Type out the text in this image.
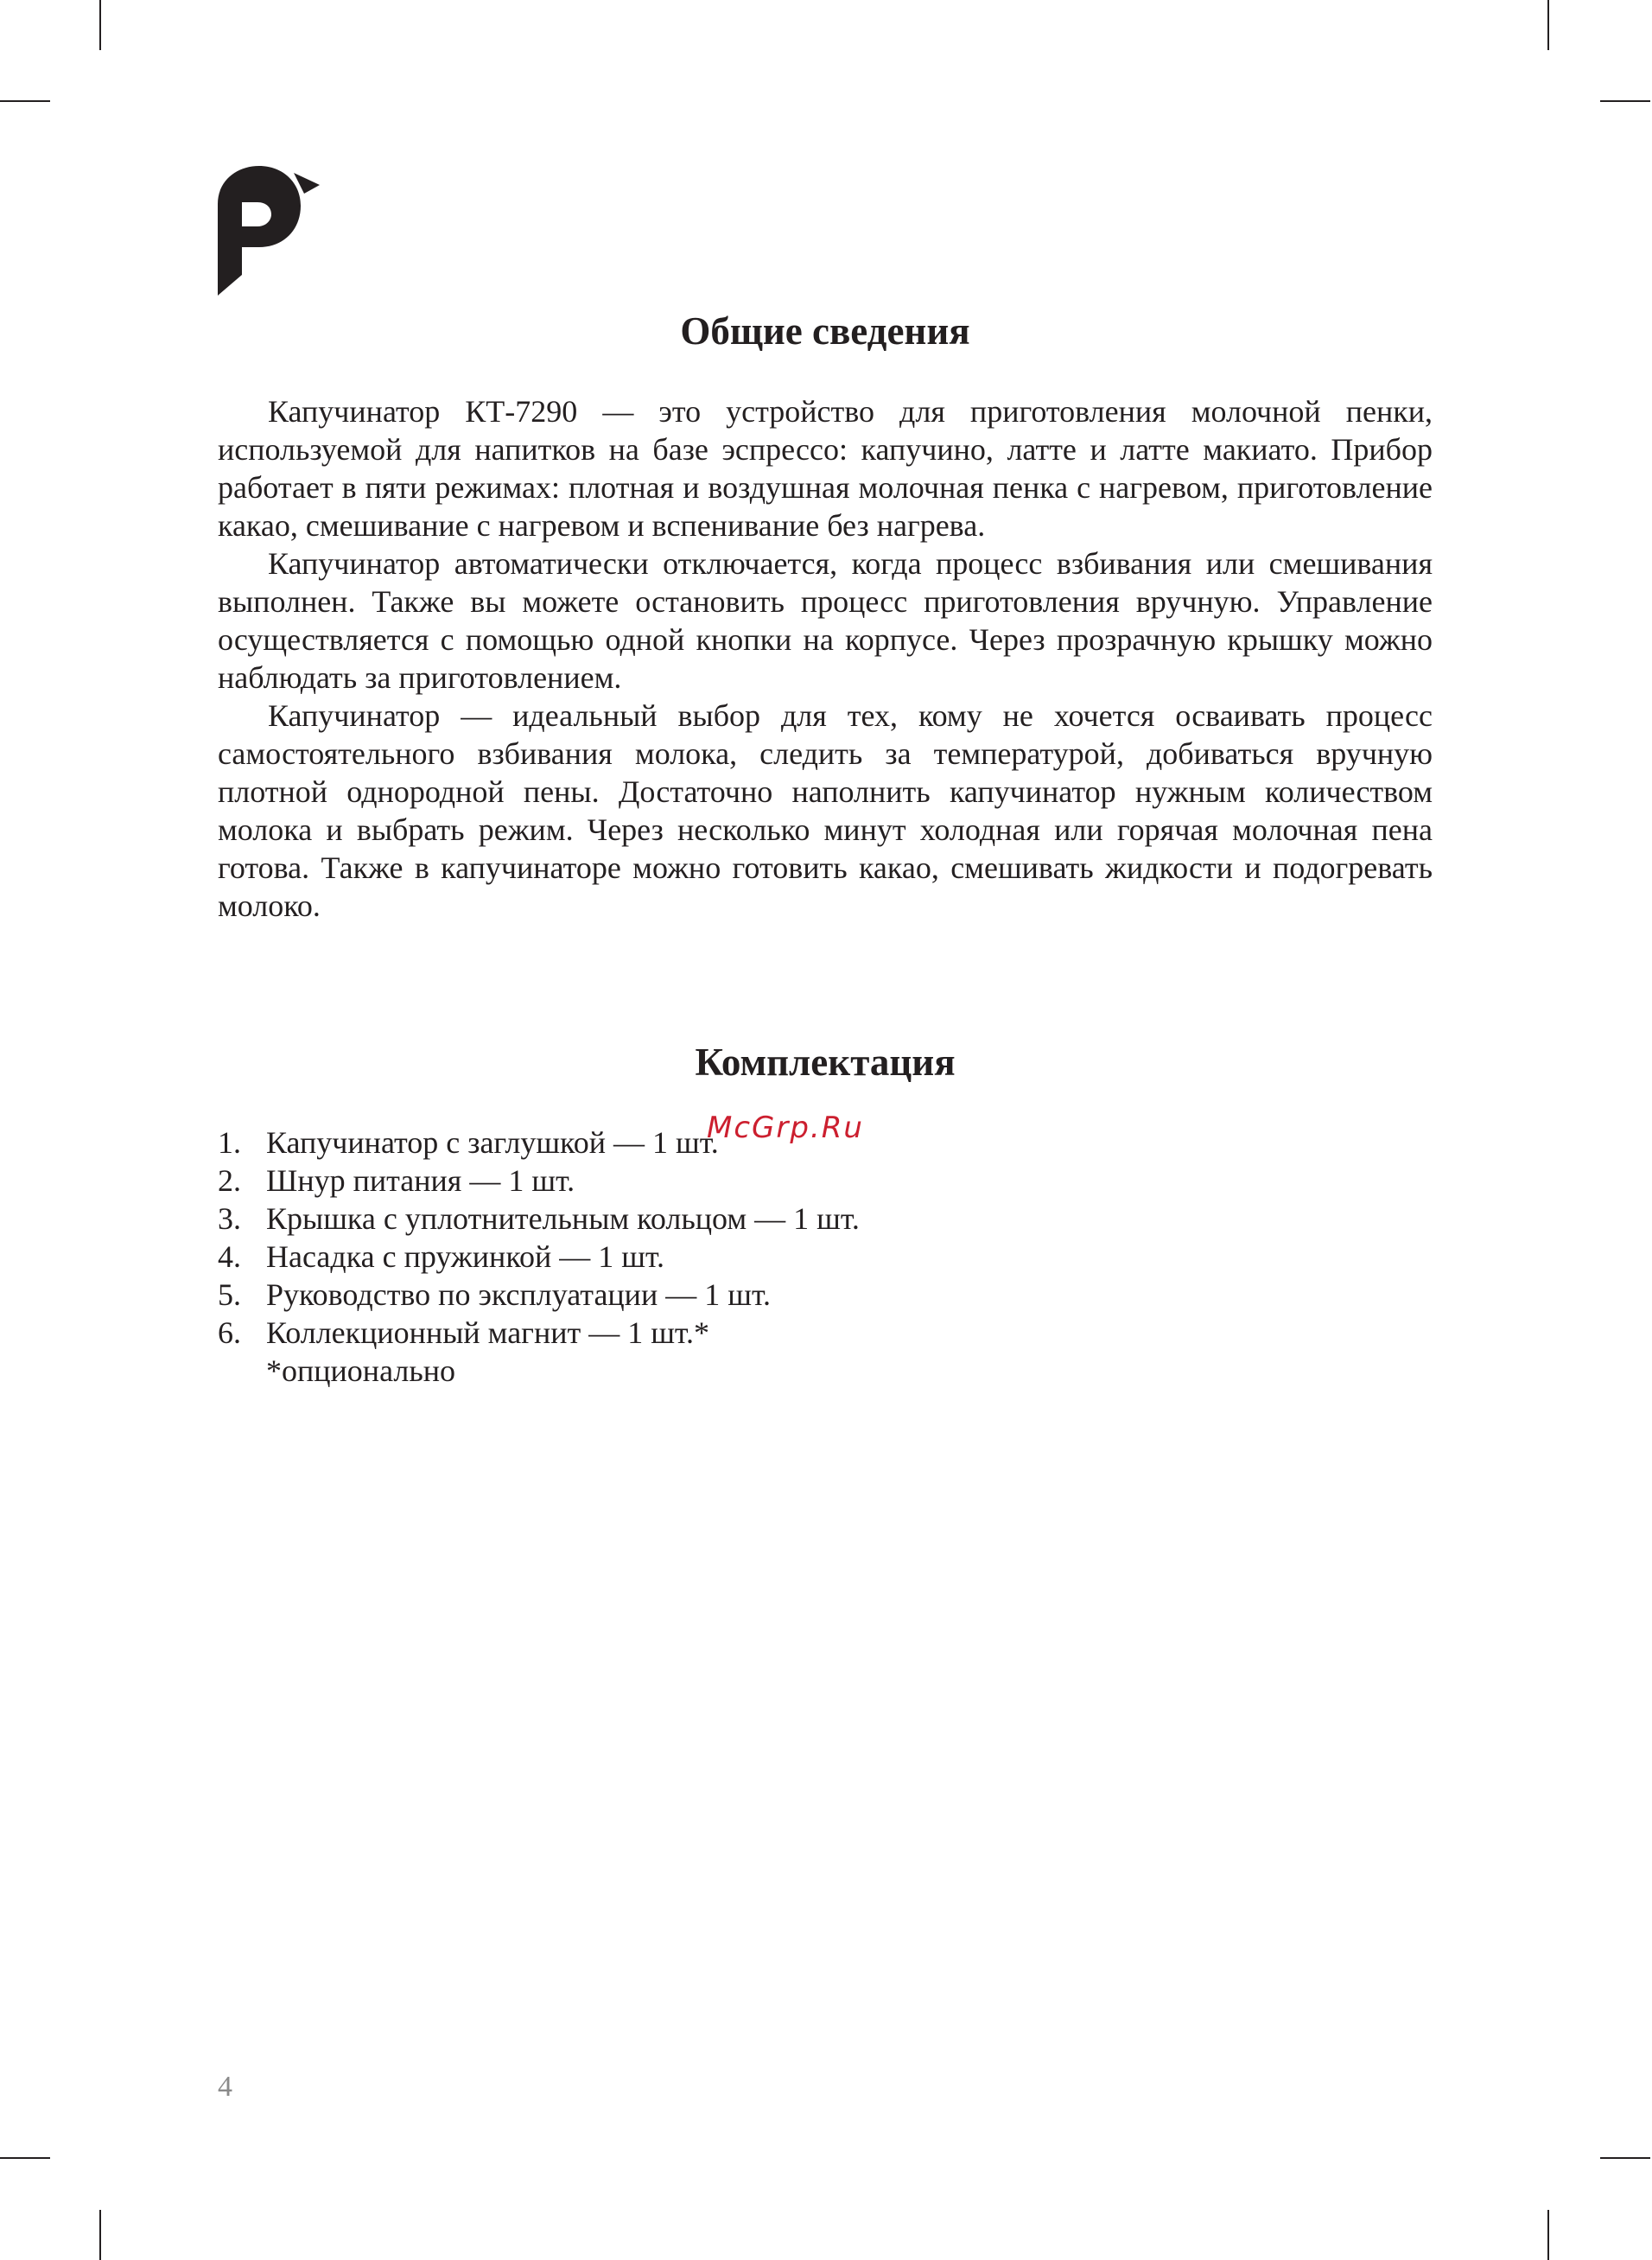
Общие сведения

Капучинатор КТ-7290 — это устройство для приготовления молочной пенки, используемой для напитков на базе эспрессо: капучино, латте и латте макиато. Прибор работает в пяти режимах: плотная и воздушная молочная пенка с нагревом, приготовление какао, смешивание с нагревом и вспенивание без нагрева.

Капучинатор автоматически отключается, когда процесс взбивания или смешивания выполнен. Также вы можете остановить процесс приготовления вручную. Управление осуществляется с помощью одной кнопки на корпусе. Через прозрачную крышку можно наблюдать за приготовлением.

Капучинатор — идеальный выбор для тех, кому не хочется осваивать процесс самостоятельного взбивания молока, следить за температурой, добиваться вручную плотной однородной пены. Достаточно наполнить капучинатор нужным количеством молока и выбрать режим. Через несколько минут холодная или горячая молочная пена готова. Также в капучинаторе можно готовить какао, смешивать жидкости и подогревать молоко.

Комплектация
1. Капучинатор с заглушкой — 1 шт.
2. Шнур питания — 1 шт.
3. Крышка с уплотнительным кольцом — 1 шт.
4. Насадка с пружинкой — 1 шт.
5. Руководство по эксплуатации — 1 шт.
6. Коллекционный магнит — 1 шт.*
*опционально
McGrp.Ru
4
